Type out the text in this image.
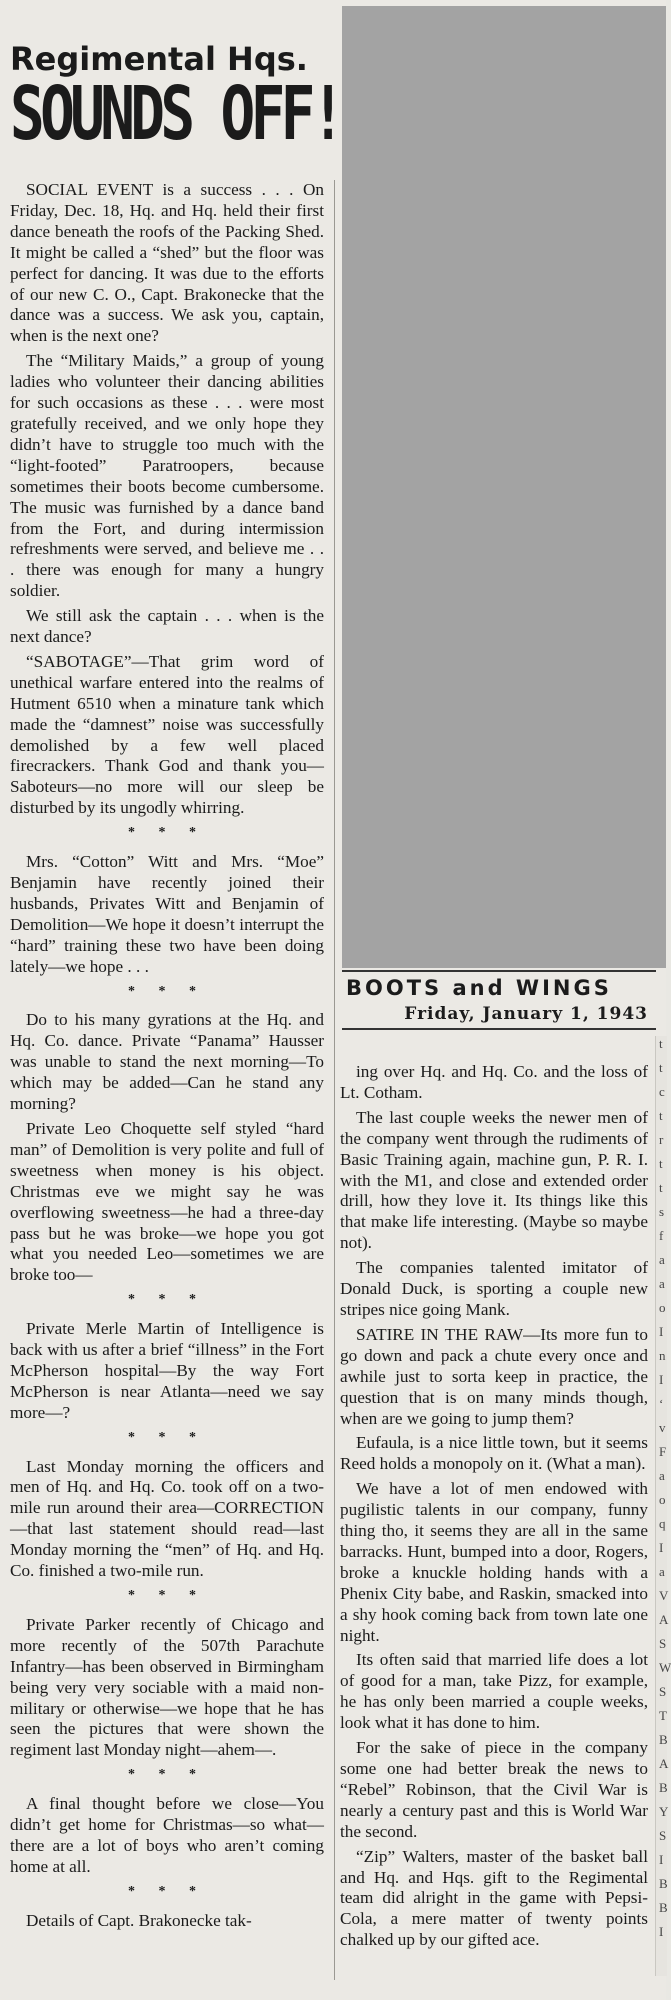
Regimental Hqs.
SOUNDS OFF!

SOCIAL EVENT is a success . . . On Friday, Dec. 18, Hq. and Hq. held their first dance beneath the roofs of the Packing Shed. It might be called a “shed” but the floor was perfect for dancing. It was due to the efforts of our new C. O., Capt. Brakonecke that the dance was a success. We ask you, captain, when is the next one?

The “Military Maids,” a group of young ladies who volunteer their dancing abilities for such occasions as these . . . were most gratefully received, and we only hope they didn’t have to struggle too much with the “light-footed” Paratroopers, because sometimes their boots become cumbersome. The music was furnished by a dance band from the Fort, and during intermission refreshments were served, and believe me . . . there was enough for many a hungry soldier.

We still ask the captain . . . when is the next dance?

“SABOTAGE”—That grim word of unethical warfare entered into the realms of Hutment 6510 when a minature tank which made the “damnest” noise was successfully demolished by a few well placed firecrackers. Thank God and thank you—Saboteurs—no more will our sleep be disturbed by its ungodly whirring.

* * *

Mrs. “Cotton” Witt and Mrs. “Moe” Benjamin have recently joined their husbands, Privates Witt and Benjamin of Demolition—We hope it doesn’t interrupt the “hard” training these two have been doing lately—we hope . . .

* * *

Do to his many gyrations at the Hq. and Hq. Co. dance. Private “Panama” Hausser was unable to stand the next morning—To which may be added—Can he stand any morning?

Private Leo Choquette self styled “hard man” of Demolition is very polite and full of sweetness when money is his object. Christmas eve we might say he was overflowing sweetness—he had a three-day pass but he was broke—we hope you got what you needed Leo—sometimes we are broke too—

* * *

Private Merle Martin of Intelligence is back with us after a brief “illness” in the Fort McPherson hospital—By the way Fort McPherson is near Atlanta—need we say more—?

* * *

Last Monday morning the officers and men of Hq. and Hq. Co. took off on a two-mile run around their area—CORRECTION—that last statement should read—last Monday morning the “men” of Hq. and Hq. Co. finished a two-mile run.

* * *

Private Parker recently of Chicago and more recently of the 507th Parachute Infantry—has been observed in Birmingham being very very sociable with a maid non-military or otherwise—we hope that he has seen the pictures that were shown the regiment last Monday night—ahem—.

* * *

A final thought before we close—You didn’t get home for Christmas—so what—there are a lot of boys who aren’t coming home at all.

* * *

Details of Capt. Brakonecke tak-

BOOTS and WINGS
Friday, January 1, 1943

ing over Hq. and Hq. Co. and the loss of Lt. Cotham.

The last couple weeks the newer men of the company went through the rudiments of Basic Training again, machine gun, P. R. I. with the M1, and close and extended order drill, how they love it. Its things like this that make life interesting. (Maybe so maybe not).

The companies talented imitator of Donald Duck, is sporting a couple new stripes nice going Mank.

SATIRE IN THE RAW—Its more fun to go down and pack a chute every once and awhile just to sorta keep in practice, the question that is on many minds though, when are we going to jump them?

Eufaula, is a nice little town, but it seems Reed holds a monopoly on it. (What a man).

We have a lot of men endowed with pugilistic talents in our company, funny thing tho, it seems they are all in the same barracks. Hunt, bumped into a door, Rogers, broke a knuckle holding hands with a Phenix City babe, and Raskin, smacked into a shy hook coming back from town late one night.

Its often said that married life does a lot of good for a man, take Pizz, for example, he has only been married a couple weeks, look what it has done to him.

For the sake of piece in the company some one had better break the news to “Rebel” Robinson, that the Civil War is nearly a century past and this is World War the second.

“Zip” Walters, master of the basket ball and Hq. and Hqs. gift to the Regimental team did alright in the game with Pepsi-Cola, a mere matter of twenty points chalked up by our gifted ace.

t
t
c
t
r
t
t
s
f
a
a
o
I
n
I
‘
v
F
a
o
q
I
a
V
A
S
W
S
T
B
A
B
Y
S
I
B
B
I
